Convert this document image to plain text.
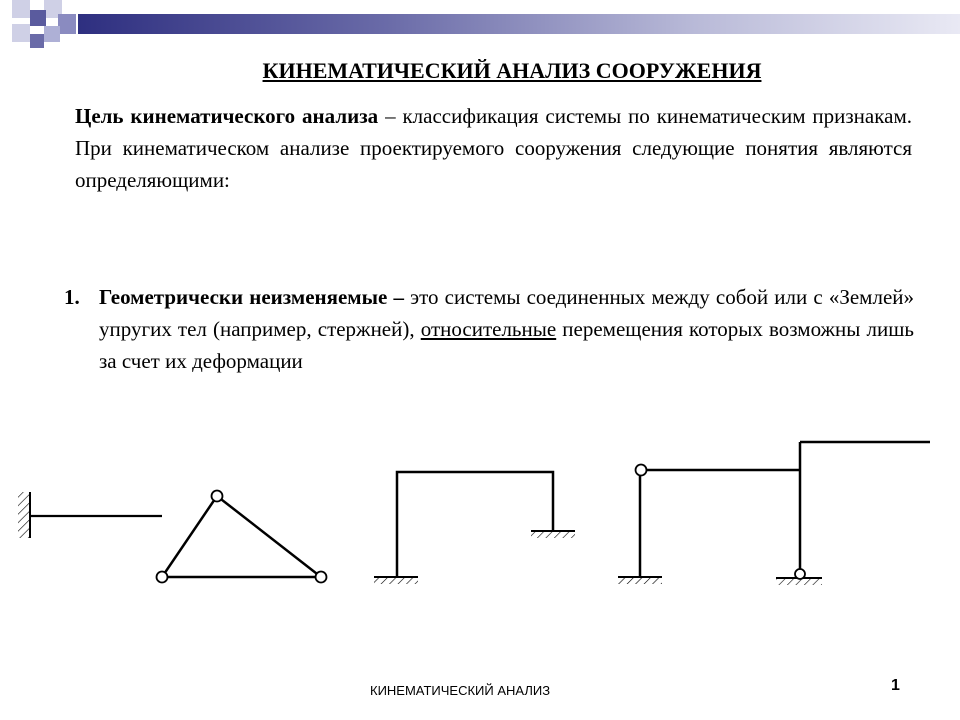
КИНЕМАТИЧЕСКИЙ АНАЛИЗ СООРУЖЕНИЯ
Цель кинематического анализа – классификация системы по кинематическим признакам. При кинематическом анализе проектируемого сооружения следующие понятия являются определяющими:
1. Геометрически неизменяемые – это системы соединенных между собой или с «Землей» упругих тел (например, стержней), относительные перемещения которых возможны лишь за счет их деформации
КИНЕМАТИЧЕСКИЙ АНАЛИЗ	1
